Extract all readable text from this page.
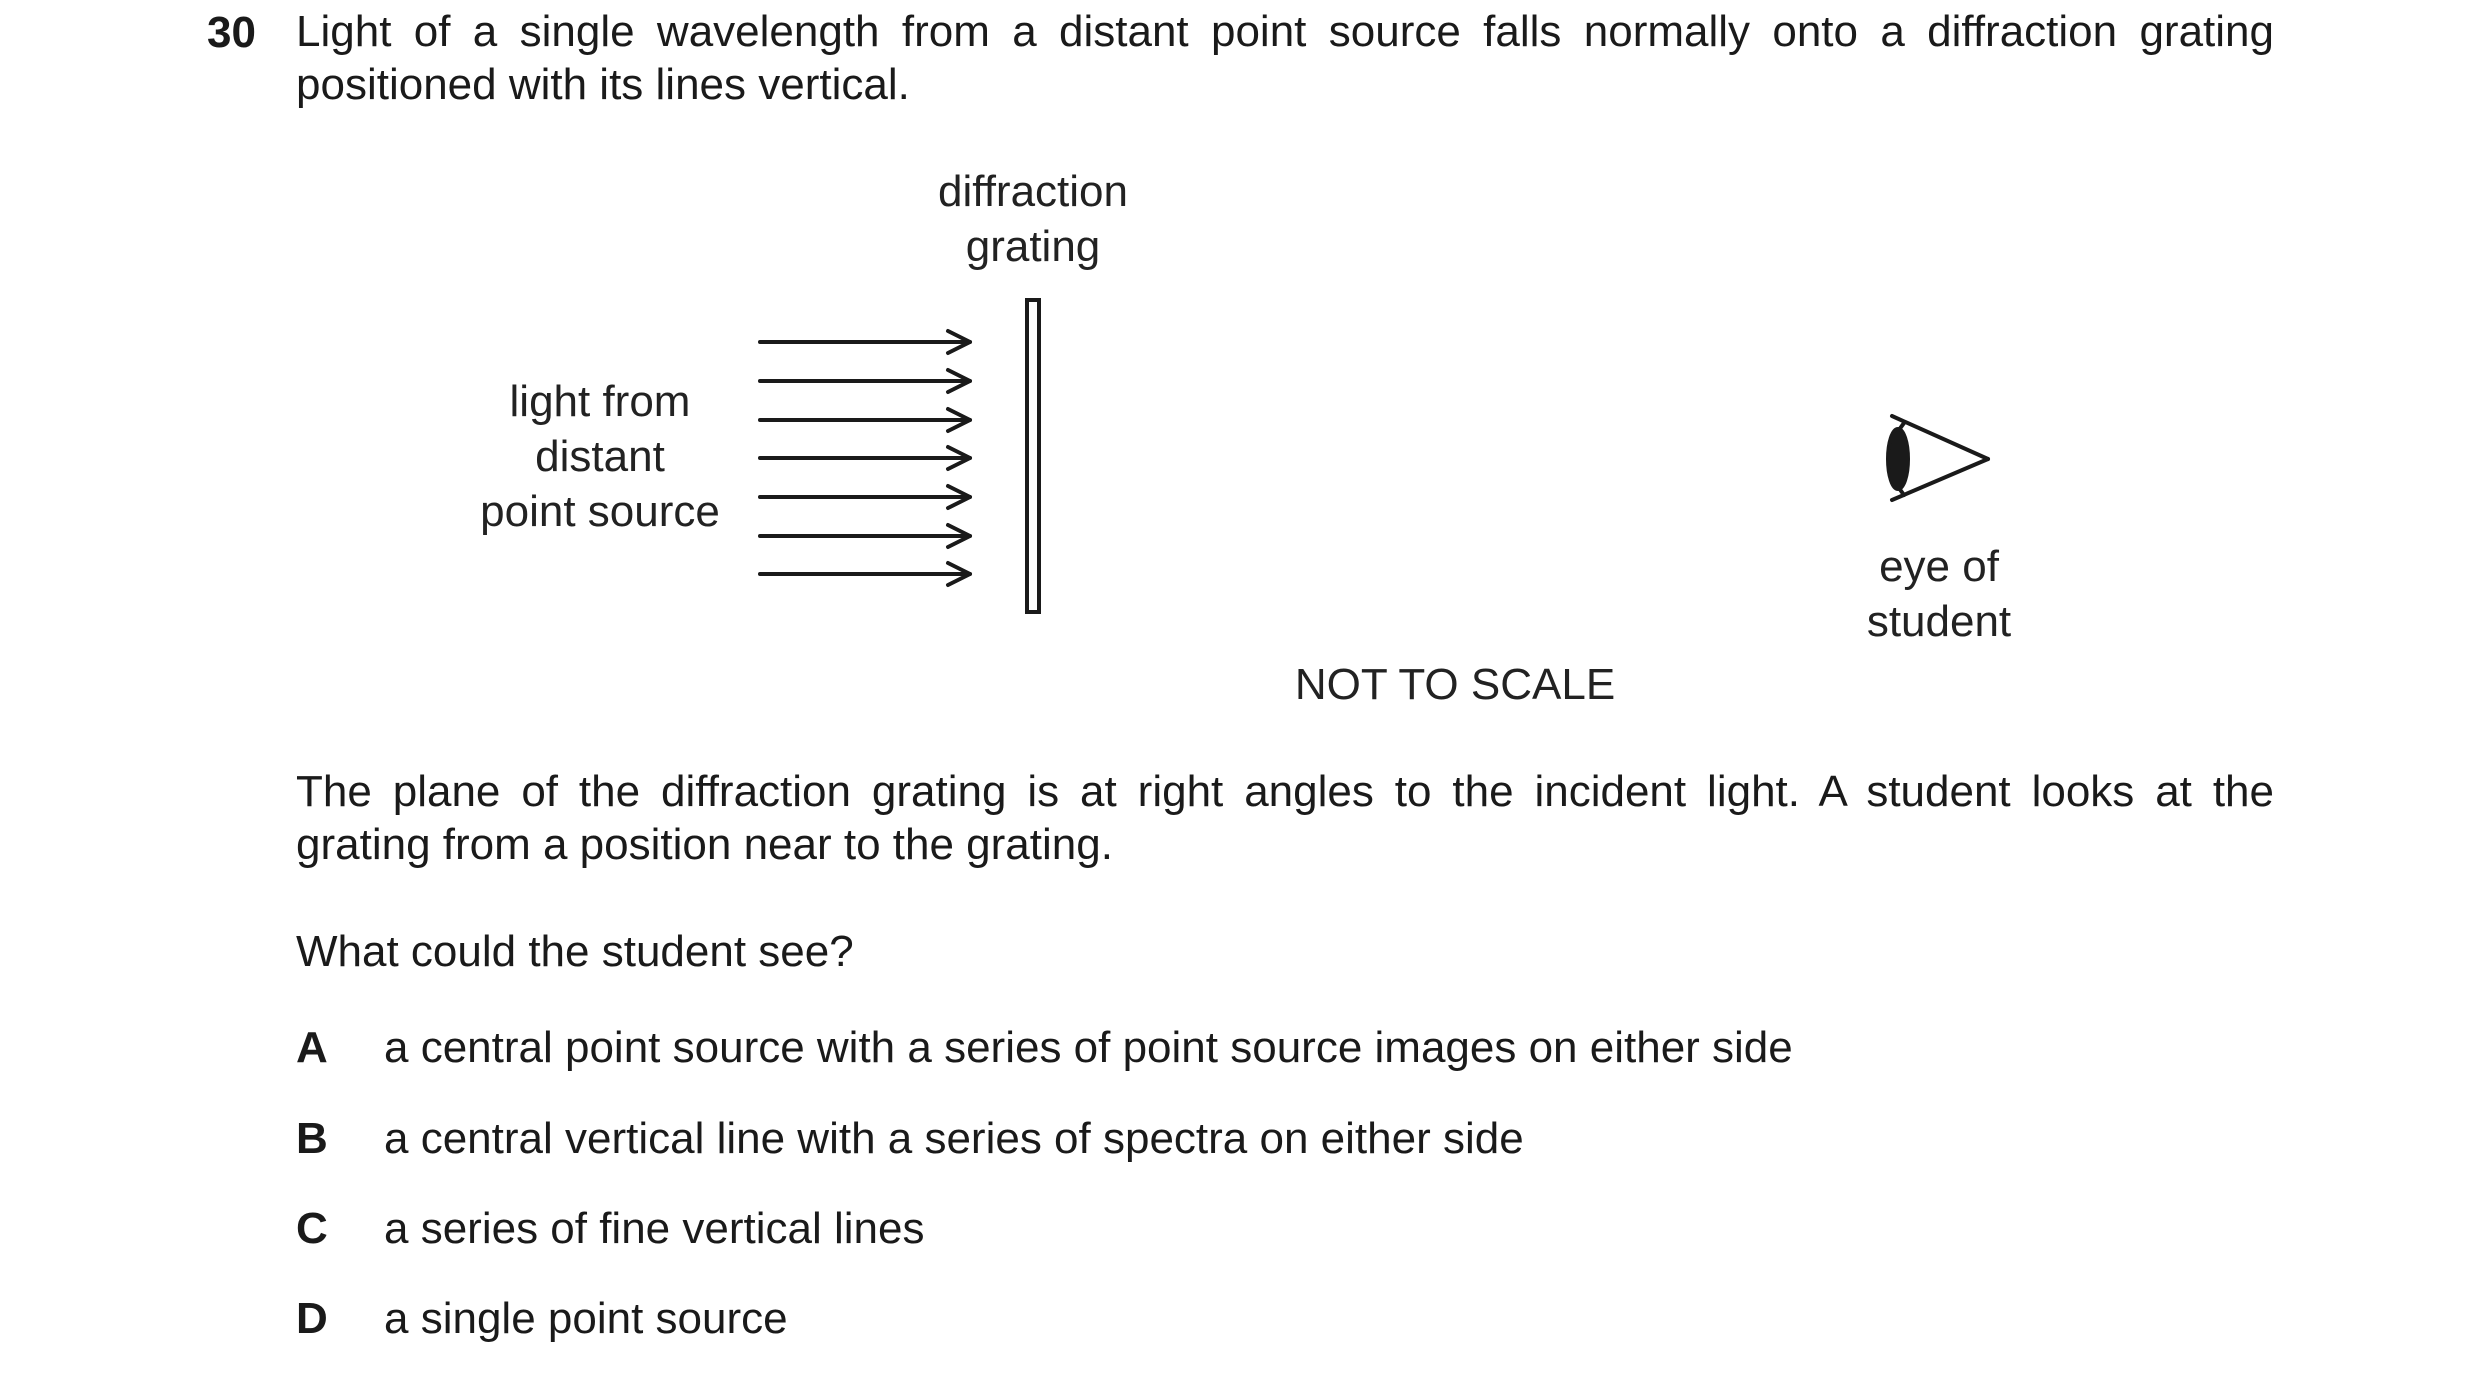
30 Light of a single wavelength from a distant point source falls normally onto a diffraction grating
positioned with its lines vertical.
diffraction
grating
light from
distant
point source
eye of
student
NOT TO SCALE
The plane of the diffraction grating is at right angles to the incident light. A student looks at the
grating from a position near to the grating.
What could the student see?
A	a central point source with a series of point source images on either side
B	a central vertical line with a series of spectra on either side
C	a series of fine vertical lines
D	a single point source
